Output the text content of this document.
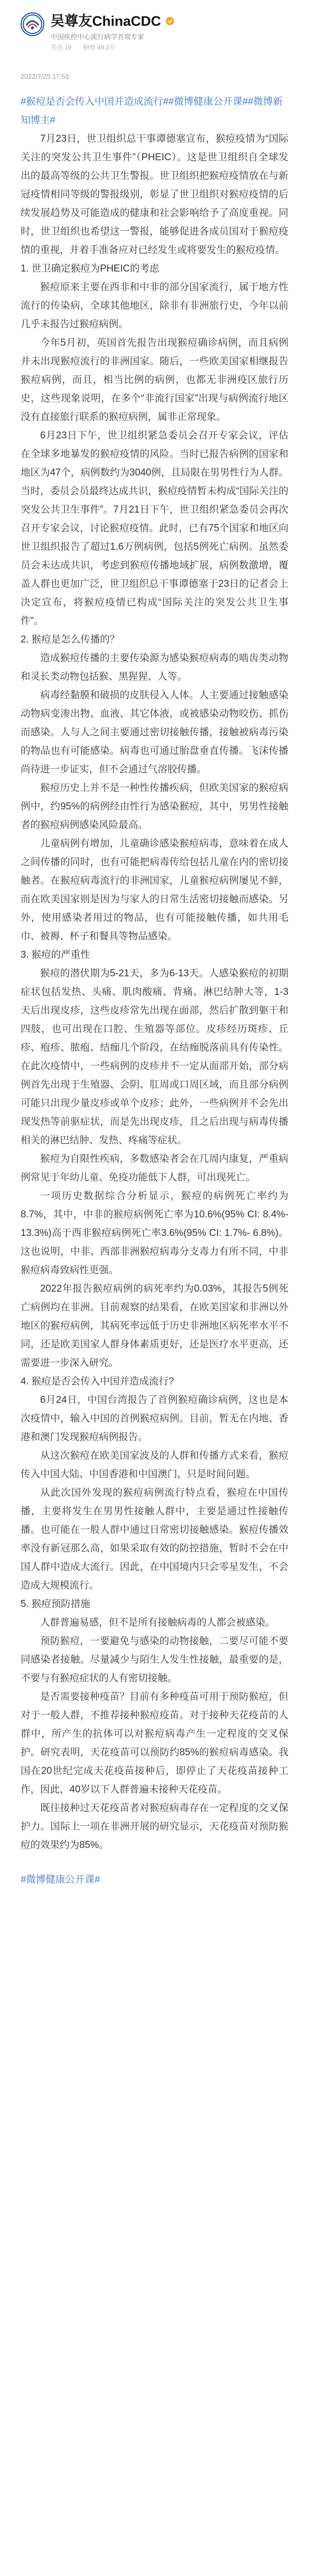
吴尊友ChinaCDC
中国疾控中心流行病学首席专家
关注 19 粉丝 49.2万
2022/7/25 17:53
#猴痘是否会传入中国并造成流行##微博健康公开课##微博新知博主#

7月23日，世卫组织总干事谭德塞宣布，猴痘疫情为“国际关注的突发公共卫生事件”（PHEIC）。这是世卫组织自全球发出的最高等级的公共卫生警报。世卫组织把猴痘疫情放在与新冠疫情相同等级的警报级别，彰显了世卫组织对猴痘疫情的后续发展趋势及可能造成的健康和社会影响给予了高度重视。同时，世卫组织也希望这一警报，能够促进各成员国对于猴痘疫情的重视，并着手准备应对已经发生或将要发生的猴痘疫情。

1. 世卫确定猴痘为PHEIC的考虑

猴痘原来主要在西非和中非的部分国家流行，属于地方性流行的传染病，全球其他地区，除非有非洲旅行史，今年以前几乎未报告过猴痘病例。

今年5月初，英国首先报告出现猴痘确诊病例，而且病例并未出现猴痘流行的非洲国家。随后，一些欧美国家相继报告猴痘病例，而且，相当比例的病例，也都无非洲疫区旅行历史，这些现象说明，在多个“非流行国家”出现与病例流行地区没有直接旅行联系的猴痘病例，属非正常现象。

6月23日下午，世卫组织紧急委员会召开专家会议，评估在全球多地暴发的猴痘疫情的风险。当时已报告病例的国家和地区为47个，病例数约为3040例，且局限在男男性行为人群。当时，委员会员最终达成共识，猴痘疫情暂未构成“国际关注的突发公共卫生事件”。7月21日下午，世卫组织紧急委员会再次召开专家会议，讨论猴痘疫情。此时，已有75个国家和地区向世卫组织报告了超过1.6万例病例，包括5例死亡病例。虽然委员会未达成共识，考虑到猴痘传播地域扩展，病例数激增，覆盖人群也更加广泛，世卫组织总干事谭德塞于23日的记者会上决定宣布，将猴痘疫情已构成“国际关注的突发公共卫生事件”。

2. 猴痘是怎么传播的？

造成猴痘传播的主要传染源为感染猴痘病毒的啮齿类动物和灵长类动物包括猴、黑猩猩、人等。

病毒经黏膜和破损的皮肤侵入人体。人主要通过接触感染动物病变渗出物、血液、其它体液，或被感染动物咬伤、抓伤而感染。人与人之间主要通过密切接触传播，接触被病毒污染的物品也有可能感染。病毒也可通过胎盘垂直传播。飞沫传播尚待进一步证实，但不会通过气溶胶传播。

猴痘历史上并不是一种性传播疾病，但欧美国家的猴痘病例中，约95%的病例经由性行为感染猴痘，其中，男男性接触者的猴痘病例感染风险最高。

儿童病例有增加，儿童确诊感染猴痘病毒，意味着在成人之间传播的同时，也有可能把病毒传给包括儿童在内的密切接触者。在猴痘病毒流行的非洲国家，儿童猴痘病例屡见不鲜，而在欧美国家则是因为与家人的日常生活密切接触而感染。另外，使用感染者用过的物品，也有可能接触传播，如共用毛巾、被褥、杯子和餐具等物品感染。

3. 猴痘的严重性

猴痘的潜伏期为5-21天，多为6-13天。人感染猴痘的初期症状包括发热、头痛、肌肉酸痛、背痛、淋巴结肿大等，1-3天后出现皮疹，这些皮疹常先出现在面部，然后扩散到躯干和四肢，也可出现在口腔、生殖器等部位。皮疹经历斑疹、丘疹、疱疹、脓疱、结痂几个阶段，在结痂脱落前具有传染性。在此次疫情中，一些病例的皮疹并不一定从面部开始，部分病例首先出现于生殖器、会阴、肛周或口周区域，而且部分病例可能只出现少量皮疹或单个皮疹；此外，一些病例并不会先出现发热等前驱症状，而是先出现皮疹，且之后出现与病毒传播相关的淋巴结肿、发热、疼痛等症状。

猴痘为自限性疾病，多数感染者会在几周内康复，严重病例常见于年幼儿童、免疫功能低下人群，可出现死亡。

一项历史数据综合分析显示，猴痘的病例死亡率约为8.7%，其中，中非的猴痘病例死亡率为10.6%(95% CI: 8.4%- 13.3%)高于西非猴痘病例死亡率3.6%(95% CI: 1.7%- 6.8%)。这也说明，中非、西部非洲猴痘病毒分支毒力有所不同，中非猴痘病毒致病性更强。

2022年报告猴痘病例的病死率约为0.03%，其报告5例死亡病例均在非洲。目前观察的结果看，在欧美国家和非洲以外地区的猴痘病例，其病死率远低于历史非洲地区病死率水平不同，还是欧美国家人群身体素质更好，还是医疗水平更高，还需要进一步深入研究。

4. 猴痘是否会传入中国并造成流行?

6月24日，中国台湾报告了首例猴痘确诊病例，这也是本次疫情中，输入中国的首例猴痘病例。目前，暂无在内地、香港和澳门发现猴痘病例报告。

从这次猴痘在欧美国家波及的人群和传播方式来看，猴痘传入中国大陆、中国香港和中国澳门，只是时间问题。

从此次国外发现的猴痘病例流行特点看，猴痘在中国传播，主要将发生在男男性接触人群中，主要是通过性接触传播。也可能在一般人群中通过日常密切接触感染。猴痘传播效率没有新冠那么高，如果采取有效的防控措施，暂时不会在中国人群中造成大流行。因此，在中国境内只会零星发生，不会造成大规模流行。

5. 猴痘预防措施

人群普遍易感，但不是所有接触病毒的人都会被感染。

预防猴痘，一要避免与感染的动物接触，二要尽可能不要同感染者接触。尽量减少与陌生人发生性接触，最重要的是，不要与有猴痘症状的人有密切接触。

是否需要接种疫苗？目前有多种疫苗可用于预防猴痘，但对于一般人群，不推荐接种猴痘疫苗。对于接种天花疫苗的人群中，所产生的抗体可以对猴痘病毒产生一定程度的交叉保护。研究表明，天花疫苗可以预防约85%的猴痘病毒感染。我国在20世纪完成天花疫苗接种后，即停止了天花疫苗接种工作，因此，40岁以下人群普遍未接种天花疫苗。

既往接种过天花疫苗者对猴痘病毒存在一定程度的交叉保护力。国际上一项在非洲开展的研究显示，天花疫苗对预防猴痘的效果约为85%。

#微博健康公开课#
